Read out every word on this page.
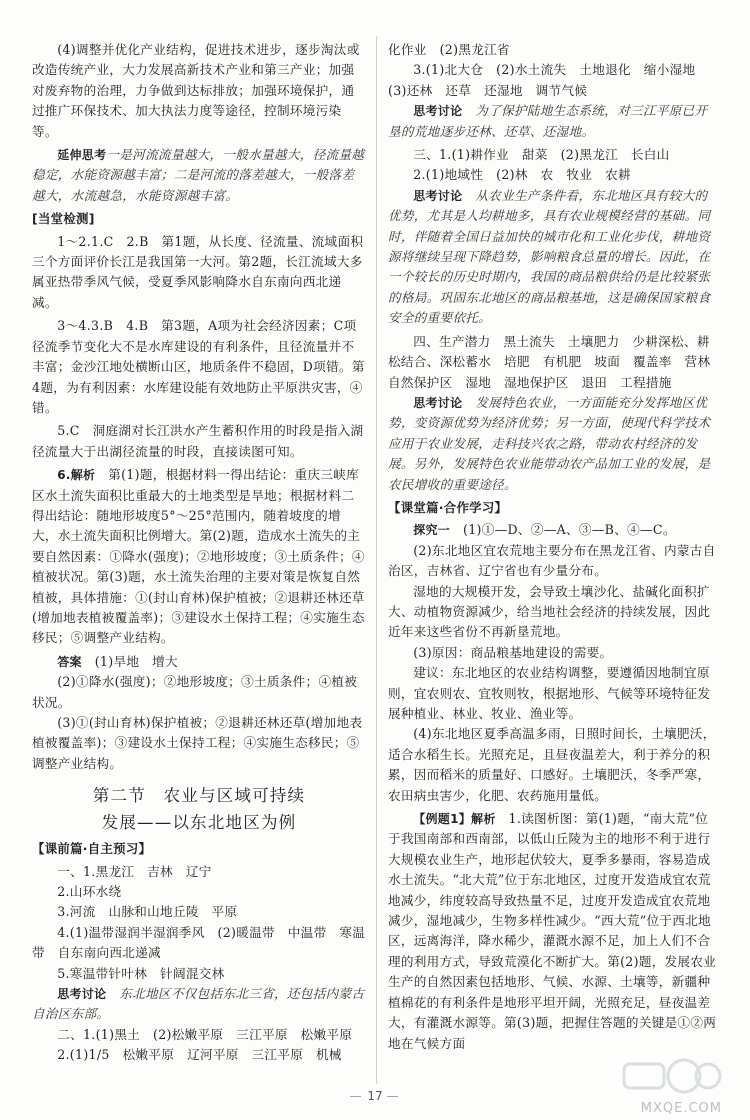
(4)调整并优化产业结构，促进技术进步，逐步淘汰或改造传统产业，大力发展高新技术产业和第三产业；加强对废弃物的治理，力争做到达标排放；加强环境保护，通过推广环保技术、加大执法力度等途径，控制环境污染等。

延伸思考一是河流流量越大，一般水量越大，径流量越稳定，水能资源越丰富；二是河流的落差越大，一般落差越大，水流越急，水能资源越丰富。

[当堂检测]

1～2.1.C　2.B　第1题，从长度、径流量、流域面积三个方面评价长江是我国第一大河。第2题，长江流域大多属亚热带季风气候，受夏季风影响降水自东南向西北递减。

3～4.3.B　4.B　第3题，A项为社会经济因素；C项径流季节变化大不是水库建设的有利条件，且径流量并不丰富；金沙江地处横断山区，地质条件不稳固，D项错。第4题，为有利因素：水库建设能有效地防止平原洪灾害，④错。

5.C　洞庭湖对长江洪水产生蓄积作用的时段是指入湖径流量大于出湖径流量的时段，直接读图可知。

6.解析　 第(1)题，根据材料一得出结论：重庆三峡库区水土流失面积比重最大的土地类型是旱地；根据材料二得出结论：随地形坡度5°～25°范围内，随着坡度的增大，水土流失面积比例增大。第(2)题，造成水土流失的主要自然因素：①降水(强度)；②地形坡度；③土质条件；④植被状况。第(3)题，水土流失治理的主要对策是恢复自然植被，具体措施：①(封山育林)保护植被；②退耕还林还草(增加地表植被覆盖率)；③建设水土保持工程；④实施生态移民；⑤调整产业结构。

答案　 (1)旱地　增大

(2)①降水(强度)；②地形坡度；③土质条件；④植被状况。

(3)①(封山育林)保护植被；②退耕还林还草(增加地表植被覆盖率)；③建设水土保持工程；④实施生态移民；⑤调整产业结构。

第二节　农业与区域可持续
发展——以东北地区为例

【课前篇·自主预习】

一、1.黑龙江　吉林　辽宁

2.山环水绕

3.河流　山脉和山地丘陵　平原

4.(1)温带湿润半湿润季风　(2)暖温带　中温带　寒温带　自东南向西北递减

5.寒温带针叶林　针阔混交林

思考讨论　 东北地区不仅包括东北三省，还包括内蒙古自治区东部。

二、1.(1)黑土　(2)松嫩平原　三江平原　松嫩平原

2.(1)1/5　松嫩平原　辽河平原　三江平原　机械

化作业　(2)黑龙江省

3.(1)北大仓　(2)水土流失　土地退化　缩小湿地　(3)还林　还草　还湿地　调节气候

思考讨论　 为了保护陆地生态系统，对三江平原已开垦的荒地逐步还林、还草、还湿地。

三、1.(1)耕作业　甜菜　(2)黑龙江　长白山

2.(1)地域性　(2)林　农　牧业　农耕

思考讨论　 从农业生产条件看，东北地区具有较大的优势，尤其是人均耕地多，具有农业规模经营的基础。同时，伴随着全国日益加快的城市化和工业化步伐，耕地资源将继续呈现下降趋势，影响粮食总量的增长。因此，在一个较长的历史时期内，我国的商品粮供给仍是比较紧张的格局。巩固东北地区的商品粮基地，这是确保国家粮食安全的重要依托。

四、生产潜力　黑土流失　土壤肥力　少耕深松、耕松结合、深松蓄水　培肥　有机肥　坡面　覆盖率　营林　自然保护区　湿地　湿地保护区　退田　工程措施

思考讨论　 发展特色农业，一方面能充分发挥地区优势，变资源优势为经济优势；另一方面，使现代科学技术应用于农业发展，走科技兴农之路，带动农村经济的发展。另外，发展特色农业能带动农产品加工业的发展，是农民增收的重要途径。

【课堂篇·合作学习】

探究一　 (1)①—D、②—A、③—B、④—C。

(2)东北地区宜农荒地主要分布在黑龙江省、内蒙古自治区，吉林省、辽宁省也有少量分布。

湿地的大规模开发，会导致土壤沙化、盐碱化面积扩大、动植物资源减少，给当地社会经济的持续发展，因此近年来这些省份不再新垦荒地。

(3)原因：商品粮基地建设的需要。

建议：东北地区的农业结构调整，要遵循因地制宜原则，宜农则农、宜牧则牧，根据地形、气候等环境特征发展种植业、林业、牧业、渔业等。

(4)东北地区夏季高温多雨，日照时间长，土壤肥沃，适合水稻生长。光照充足，且昼夜温差大，利于养分的积累，因而稻米的质量好、口感好。土壤肥沃，冬季严寒，农田病虫害少，化肥、农药施用量低。

【例题1】解析　 1.读图析图：第(1)题，“南大荒”位于我国南部和西南部，以低山丘陵为主的地形不利于进行大规模农业生产，地形起伏较大，夏季多暴雨，容易造成水土流失。“北大荒”位于东北地区，过度开发造成宜农荒地减少，纬度较高导致热量不足，过度开发造成宜农荒地减少，湿地减少，生物多样性减少。“西大荒”位于西北地区，远离海洋，降水稀少，灌溉水源不足，加上人们不合理的利用方式，导致荒漠化不断扩大。第(2)题，发展农业生产的自然因素包括地形、气候、水源、土壤等，新疆种植棉花的有利条件是地形平坦开阔，光照充足，昼夜温差大，有灌溉水源等。第(3)题，把握住答题的关键是①②两地在气候方面

— 17 —
MXQE.COM
